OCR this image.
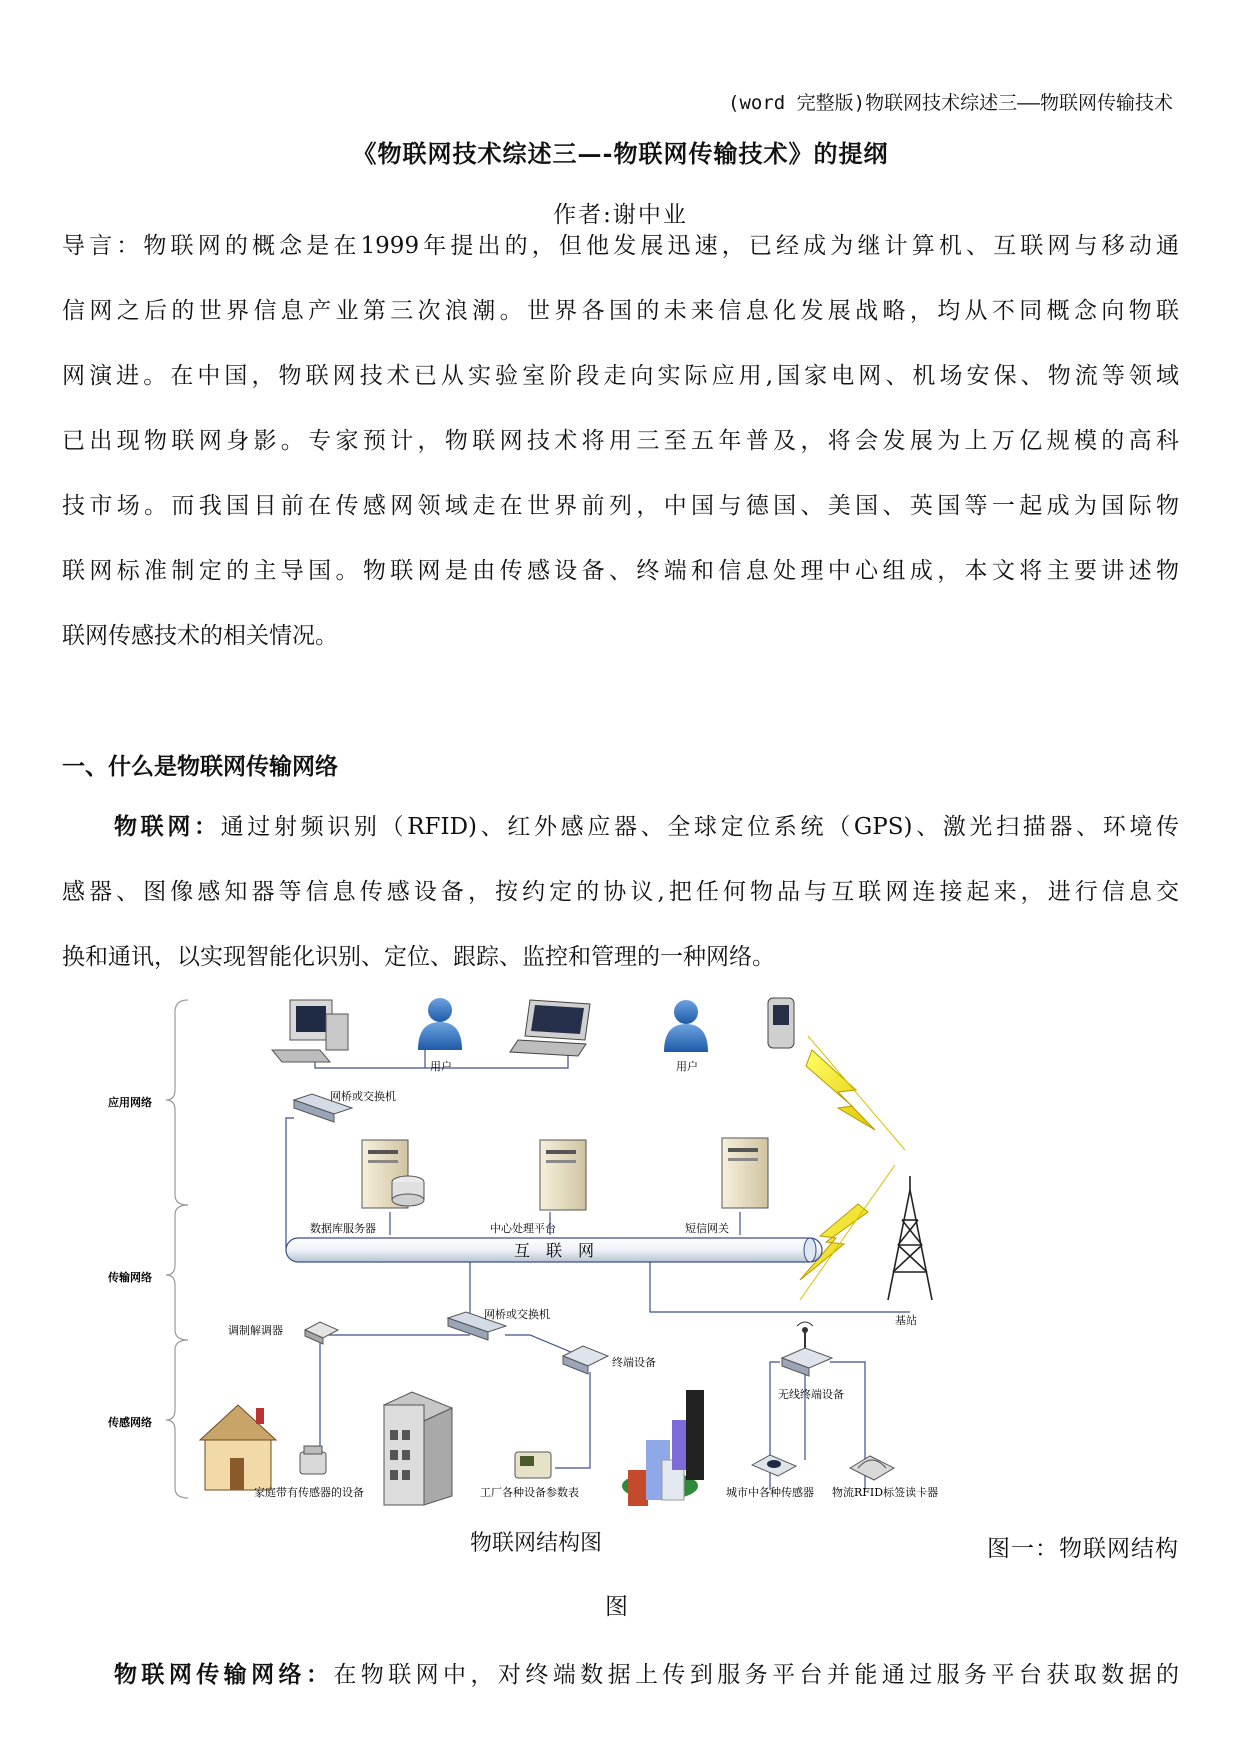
(word 完整版)物联网技术综述三——物联网传输技术
《物联网技术综述三—-物联网传输技术》的提纲
作者:谢中业

导言：物联网的概念是在1999年提出的，但他发展迅速，已经成为继计算机、互联网与移动通
信网之后的世界信息产业第三次浪潮。世界各国的未来信息化发展战略，均从不同概念向物联
网演进。在中国，物联网技术已从实验室阶段走向实际应用,国家电网、机场安保、物流等领域
已出现物联网身影。专家预计，物联网技术将用三至五年普及，将会发展为上万亿规模的高科
技市场。而我国目前在传感网领域走在世界前列，中国与德国、美国、英国等一起成为国际物
联网标准制定的主导国。物联网是由传感设备、终端和信息处理中心组成，本文将主要讲述物
联网传感技术的相关情况。

一、什么是物联网传输网络

物联网：通过射频识别（RFID)、红外感应器、全球定位系统（GPS)、激光扫描器、环境传
感器、图像感知器等信息传感设备，按约定的协议,把任何物品与互联网连接起来，进行信息交
换和通讯，以实现智能化识别、定位、跟踪、监控和管理的一种网络。

应用网络
传输网络
传感网络
用户	用户
网桥或交换机
数据库服务器	中心处理平台	短信网关
互　联　网
基站
调制解调器
网桥或交换机
终端设备
无线终端设备
家庭带有传感器的设备	工厂各种设备参数表	城市中各种传感器 物流RFID标签读卡器
物联网结构图	图一：物联网结构
图

物联网传输网络：在物联网中，对终端数据上传到服务平台并能通过服务平台获取数据的
